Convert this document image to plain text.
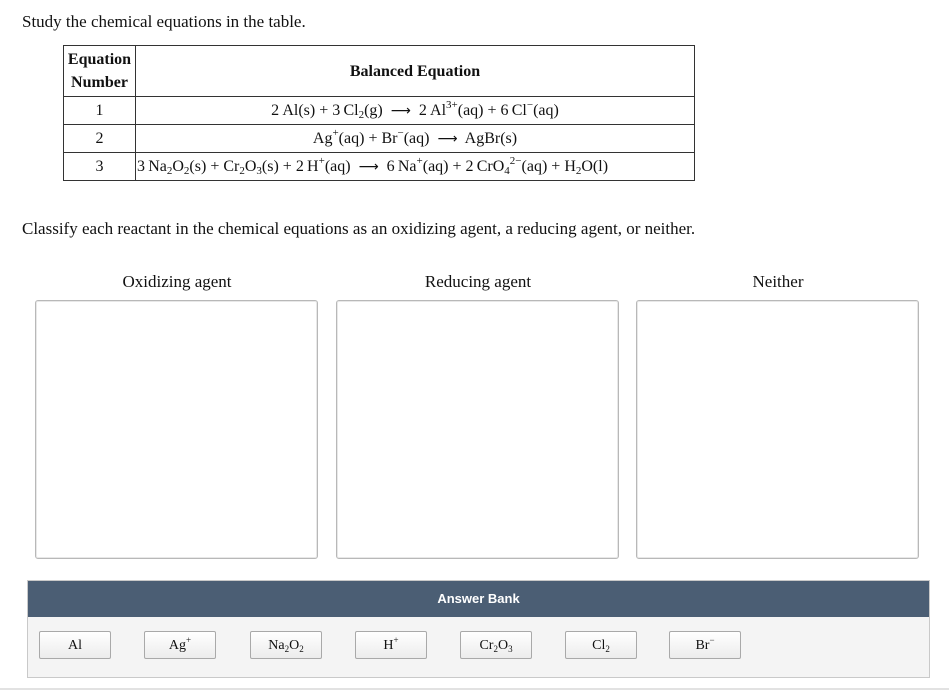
Study the chemical equations in the table.
Equation
Number	Balanced Equation
1	2  Al(s) + 3  $Cl_2(g)$ ⟶ 2  $Al^{3+}(aq) + 6$  Cl−(aq)
2	Ag+(aq) + Br−(aq) ⟶ AgBr(s)
3	3  $Na_2O_2(s) + Cr_2O_3(s) + 2$  H+(aq) ⟶ 6  Na+(aq) + 2  $CrO_4^{2-}(aq) + H_2O(l)$
Classify each reactant in the chemical equations as an oxidizing agent, a reducing agent, or neither.
Oxidizing agent	Reducing agent	Neither
Answer Bank
Al	Ag+	$Na_2O_2$	H+	$Cr_2O_3$	$Cl_2$	Br−
